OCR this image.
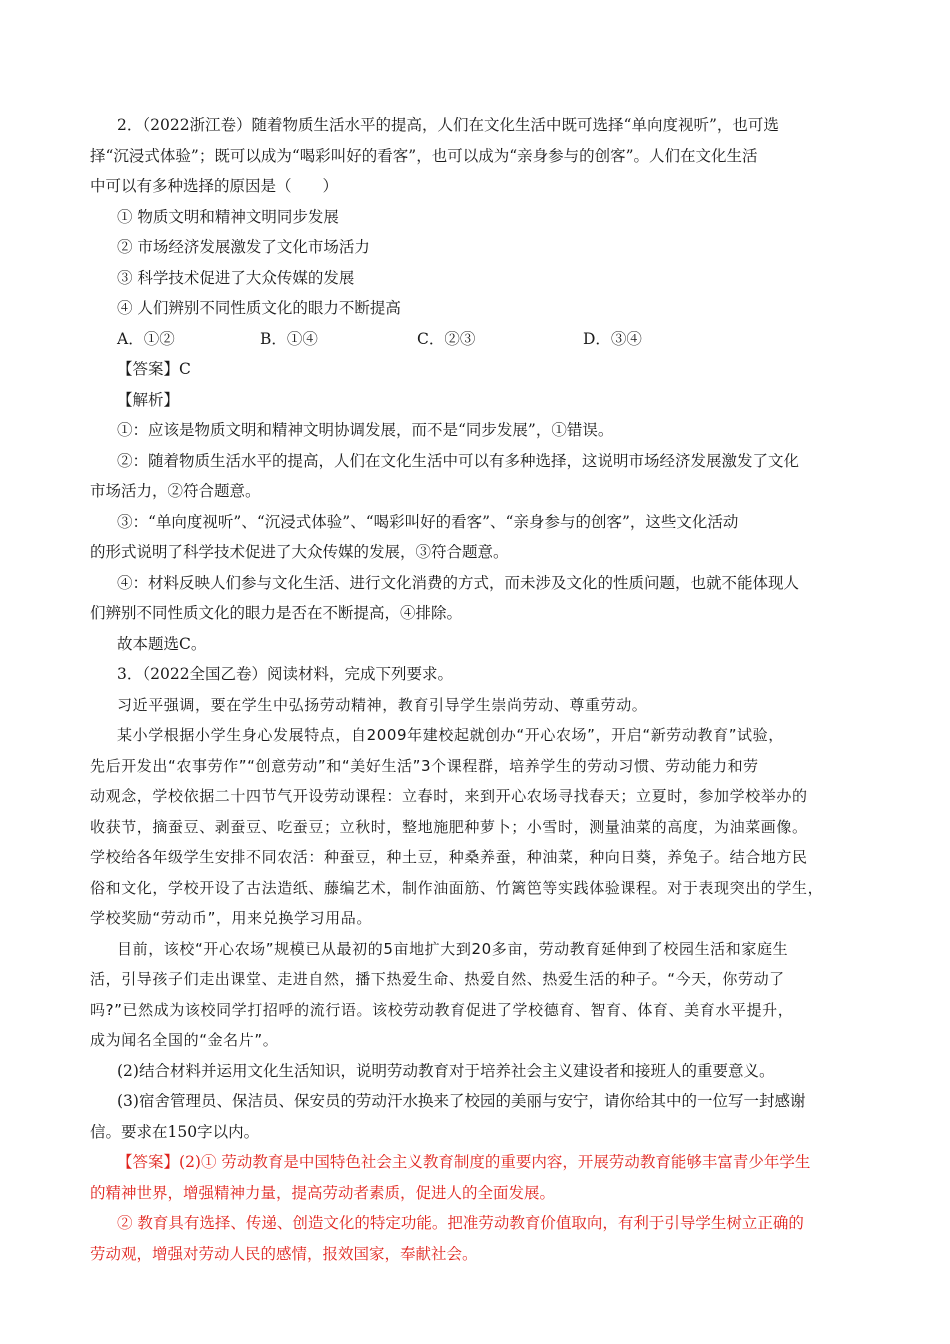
2．（2022浙江卷）随着物质生活水平的提高，人们在文化生活中既可选择“单向度视听”，也可选

择“沉浸式体验”；既可以成为“喝彩叫好的看客”，也可以成为“亲身参与的创客”。人们在文化生活

中可以有多种选择的原因是（　　）

① 物质文明和精神文明同步发展

② 市场经济发展激发了文化市场活力

③ 科学技术促进了大众传媒的发展

④ 人们辨别不同性质文化的眼力不断提高

A．①②	B．①④	C．②③	D．③④

【答案】C

【解析】

①：应该是物质文明和精神文明协调发展，而不是“同步发展”，①错误。

②：随着物质生活水平的提高，人们在文化生活中可以有多种选择，这说明市场经济发展激发了文化

市场活力，②符合题意。

③：“单向度视听”、“沉浸式体验”、“喝彩叫好的看客”、“亲身参与的创客”，这些文化活动

的形式说明了科学技术促进了大众传媒的发展，③符合题意。

④：材料反映人们参与文化生活、进行文化消费的方式，而未涉及文化的性质问题，也就不能体现人

们辨别不同性质文化的眼力是否在不断提高，④排除。

故本题选C。

3．（2022全国乙卷）阅读材料，完成下列要求。

习近平强调，要在学生中弘扬劳动精神，教育引导学生崇尚劳动、尊重劳动。
某小学根据小学生身心发展特点，自2009年建校起就创办“开心农场”，开启“新劳动教育”试验，
先后开发出“农事劳作”“创意劳动”和“美好生活”3个课程群，培养学生的劳动习惯、劳动能力和劳
动观念，学校依据二十四节气开设劳动课程：立春时，来到开心农场寻找春天；立夏时，参加学校举办的
收获节，摘蚕豆、剥蚕豆、吃蚕豆；立秋时，整地施肥种萝卜；小雪时，测量油菜的高度，为油菜画像。
学校给各年级学生安排不同农活：种蚕豆，种土豆，种桑养蚕，种油菜，种向日葵，养兔子。结合地方民
俗和文化，学校开设了古法造纸、藤编艺术，制作油面筋、竹篱笆等实践体验课程。对于表现突出的学生，
学校奖励“劳动币”，用来兑换学习用品。
目前，该校“开心农场”规模已从最初的5亩地扩大到20多亩，劳动教育延伸到了校园生活和家庭生
活，引导孩子们走出课堂、走进自然，播下热爱生命、热爱自然、热爱生活的种子。“今天，你劳动了
吗?”已然成为该校同学打招呼的流行语。该校劳动教育促进了学校德育、智育、体育、美育水平提升，
成为闻名全国的“金名片”。

(2)结合材料并运用文化生活知识，说明劳动教育对于培养社会主义建设者和接班人的重要意义。

(3)宿舍管理员、保洁员、保安员的劳动汗水换来了校园的美丽与安宁，请你给其中的一位写一封感谢

信。要求在150字以内。

【答案】(2)① 劳动教育是中国特色社会主义教育制度的重要内容，开展劳动教育能够丰富青少年学生

的精神世界，增强精神力量，提高劳动者素质，促进人的全面发展。

② 教育具有选择、传递、创造文化的特定功能。把准劳动教育价值取向，有利于引导学生树立正确的

劳动观，增强对劳动人民的感情，报效国家，奉献社会。
